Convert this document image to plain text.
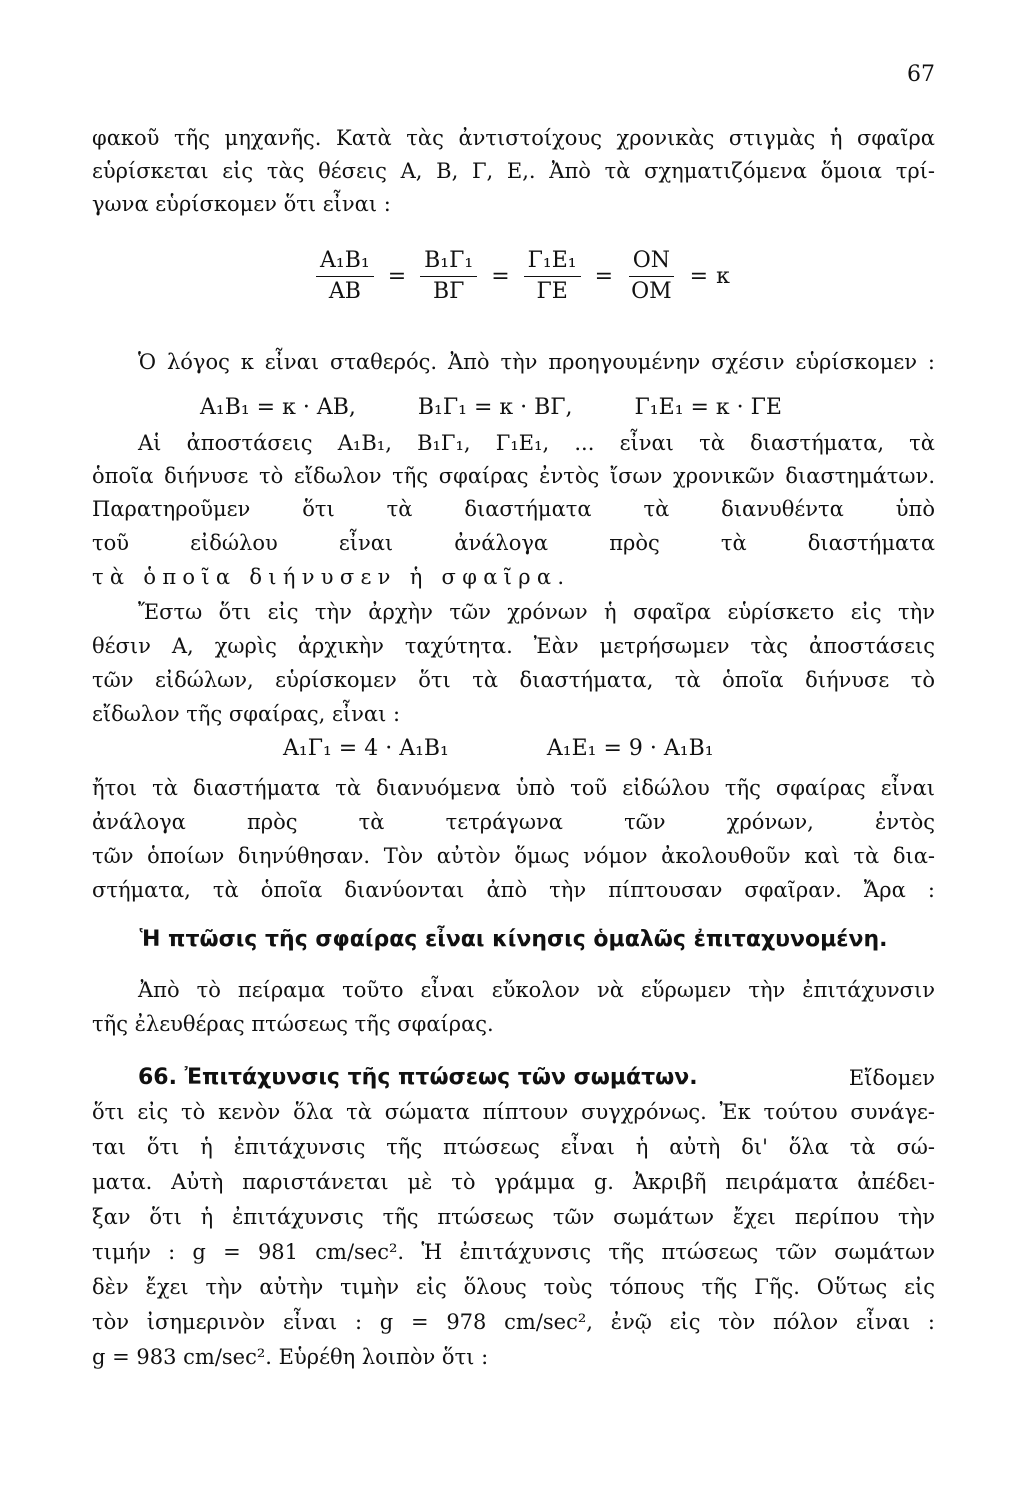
67
φακοῦ τῆς μηχανῆς. Κατὰ τὰς ἀντιστοίχους χρονικὰς στιγμὰς ἡ σφαῖρα
εὑρίσκεται εἰς τὰς θέσεις Α, Β, Γ, Ε,. Ἀπὸ τὰ σχηματιζόμενα ὅμοια τρί-
γωνα εὑρίσκομεν ὅτι εἶναι :
$\frac{\text{Α₁Β₁}}{AB} = \frac{\text{Β₁Γ₁}}{B\Gamma} = \frac{\text{Γ₁Ε₁}}{\Gamma E} = \frac{ON}{OM} = \kappa$
Ὁ λόγος κ εἶναι σταθερός. Ἀπὸ τὴν προηγουμένην σχέσιν εὑρίσκομεν :
Α₁Β₁ = κ · ΑΒ,	Β₁Γ₁ = κ · ΒΓ,	Γ₁Ε₁ = κ · ΓΕ
Αἱ ἀποστάσεις Α₁Β₁, Β₁Γ₁, Γ₁Ε₁, ... εἶναι τὰ διαστήματα, τὰ
ὁποῖα διήνυσε τὸ εἴδωλον τῆς σφαίρας ἐντὸς ἴσων χρονικῶν διαστημάτων.
Παρατηροῦμεν ὅτι τὰ διαστήματα τὰ διανυθέντα ὑπὸ
τοῦ εἰδώλου εἶναι ἀνάλογα πρὸς τὰ διαστήματα
τὰ ὁποῖα διήνυσεν ἡ σφαῖρα.
Ἔστω ὅτι εἰς τὴν ἀρχὴν τῶν χρόνων ἡ σφαῖρα εὑρίσκετο εἰς τὴν
θέσιν Α, χωρὶς ἀρχικὴν ταχύτητα. Ἐὰν μετρήσωμεν τὰς ἀποστάσεις
τῶν εἰδώλων, εὑρίσκομεν ὅτι τὰ διαστήματα, τὰ ὁποῖα διήνυσε τὸ
εἴδωλον τῆς σφαίρας, εἶναι :
Α₁Γ₁ = 4 · Α₁Β₁	Α₁Ε₁ = 9 · Α₁Β₁
ἤτοι τὰ διαστήματα τὰ διανυόμενα ὑπὸ τοῦ εἰδώλου τῆς σφαίρας εἶναι
ἀνάλογα πρὸς τὰ τετράγωνα τῶν χρόνων, ἐντὸς
τῶν ὁποίων διηνύθησαν. Τὸν αὐτὸν ὅμως νόμον ἀκολουθοῦν καὶ τὰ δια-
στήματα, τὰ ὁποῖα διανύονται ἀπὸ τὴν πίπτουσαν σφαῖραν. Ἄρα :
Ἡ πτῶσις τῆς σφαίρας εἶναι κίνησις ὁμαλῶς ἐπιταχυνομένη.
Ἀπὸ τὸ πείραμα τοῦτο εἶναι εὔκολον νὰ εὕρωμεν τὴν ἐπιτάχυνσιν
τῆς ἐλευθέρας πτώσεως τῆς σφαίρας.
66. Ἐπιτάχυνσις τῆς πτώσεως τῶν σωμάτων.	Εἴδομεν
ὅτι εἰς τὸ κενὸν ὅλα τὰ σώματα πίπτουν συγχρόνως. Ἐκ τούτου συνάγε-
ται ὅτι ἡ ἐπιτάχυνσις τῆς πτώσεως εἶναι ἡ αὐτὴ δι' ὅλα τὰ σώ-
ματα. Αὐτὴ παριστάνεται μὲ τὸ γράμμα g. Ἀκριβῆ πειράματα ἀπέδει-
ξαν ὅτι ἡ ἐπιτάχυνσις τῆς πτώσεως τῶν σωμάτων ἔχει περίπου τὴν
τιμήν : g = 981 cm/sec². Ἡ ἐπιτάχυνσις τῆς πτώσεως τῶν σωμάτων
δὲν ἔχει τὴν αὐτὴν τιμὴν εἰς ὅλους τοὺς τόπους τῆς Γῆς. Οὕτως εἰς
τὸν ἰσημερινὸν εἶναι : g = 978 cm/sec², ἐνῷ εἰς τὸν πόλον εἶναι :
g = 983 cm/sec². Εὑρέθη λοιπὸν ὅτι :
